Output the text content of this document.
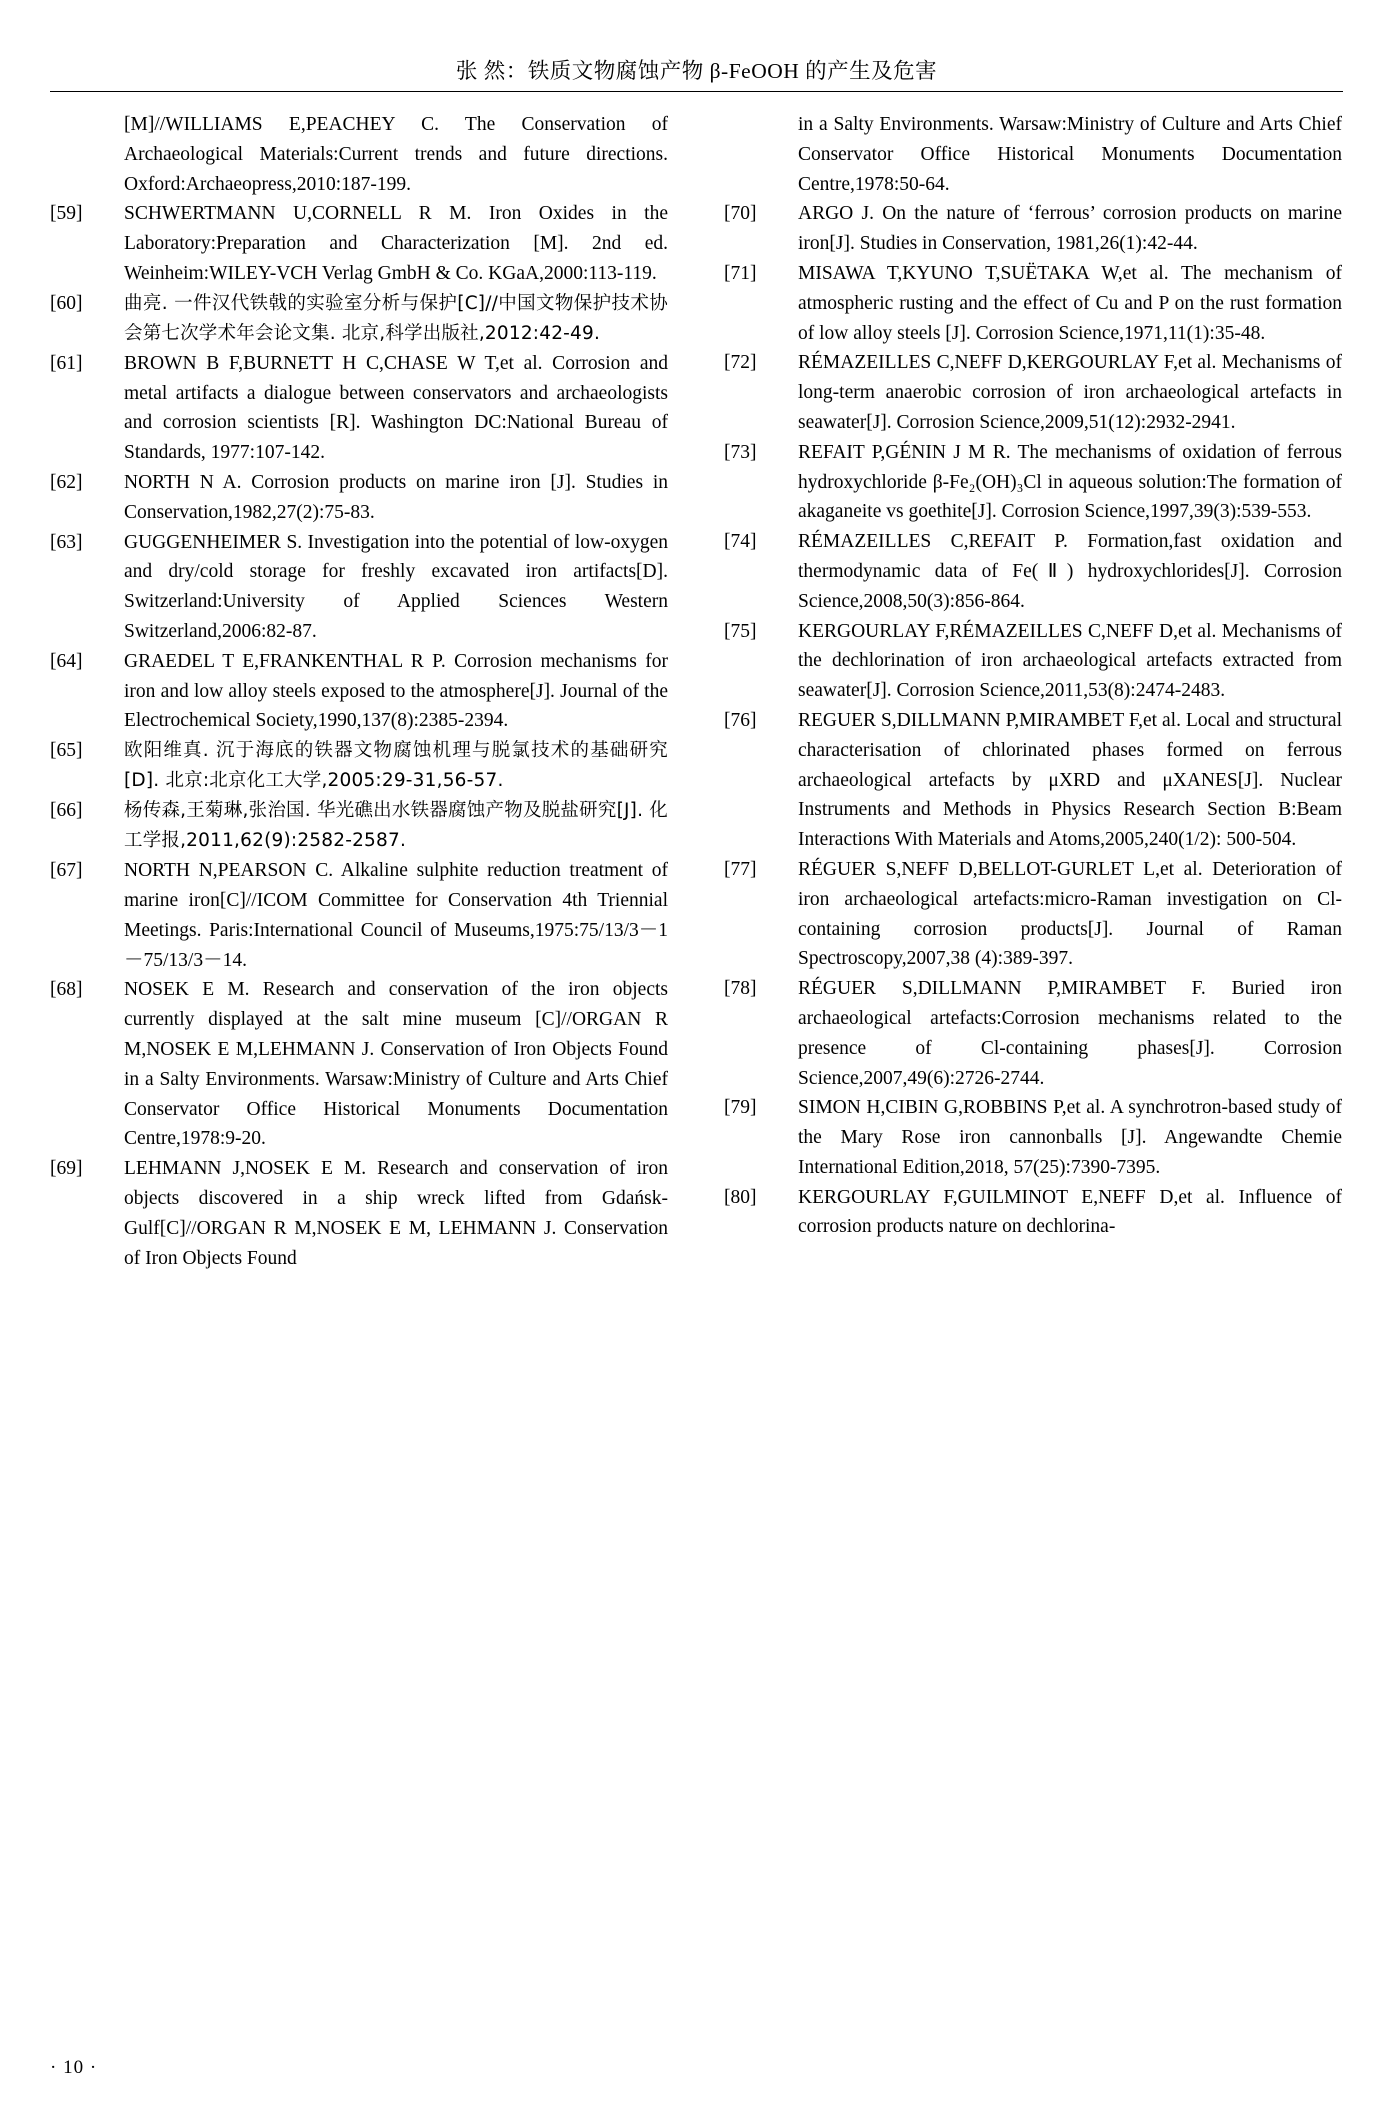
张 然：铁质文物腐蚀产物 β-FeOOH 的产生及危害
[M]//WILLIAMS E,PEACHEY C. The Conservation of Archaeological Materials:Current trends and future directions. Oxford:Archaeopress,2010:187-199.
[59]	SCHWERTMANN U,CORNELL R M. Iron Oxides in the Laboratory:Preparation and Characterization [M]. 2nd ed. Weinheim:WILEY-VCH Verlag GmbH & Co. KGaA,2000:113-119.
[60]	曲亮. 一件汉代铁戟的实验室分析与保护[C]//中国文物保护技术协会第七次学术年会论文集. 北京,科学出版社,2012:42-49.
[61]	BROWN B F,BURNETT H C,CHASE W T,et al. Corrosion and metal artifacts a dialogue between conservators and archaeologists and corrosion scientists [R]. Washington DC:National Bureau of Standards, 1977:107-142.
[62]	NORTH N A. Corrosion products on marine iron [J]. Studies in Conservation,1982,27(2):75-83.
[63]	GUGGENHEIMER S. Investigation into the potential of low-oxygen and dry/cold storage for freshly excavated iron artifacts[D]. Switzerland:University of Applied Sciences Western Switzerland,2006:82-87.
[64]	GRAEDEL T E,FRANKENTHAL R P. Corrosion mechanisms for iron and low alloy steels exposed to the atmosphere[J]. Journal of the Electrochemical Society,1990,137(8):2385-2394.
[65]	欧阳维真. 沉于海底的铁器文物腐蚀机理与脱氯技术的基础研究[D]. 北京:北京化工大学,2005:29-31,56-57.
[66]	杨传森,王菊琳,张治国. 华光礁出水铁器腐蚀产物及脱盐研究[J]. 化工学报,2011,62(9):2582-2587.
[67]	NORTH N,PEARSON C. Alkaline sulphite reduction treatment of marine iron[C]//ICOM Committee for Conservation 4th Triennial Meetings. Paris:International Council of Museums,1975:75/13/3－1－75/13/3－14.
[68]	NOSEK E M. Research and conservation of the iron objects currently displayed at the salt mine museum [C]//ORGAN R M,NOSEK E M,LEHMANN J. Conservation of Iron Objects Found in a Salty Environments. Warsaw:Ministry of Culture and Arts Chief Conservator Office Historical Monuments Documentation Centre,1978:9-20.
[69]	LEHMANN J,NOSEK E M. Research and conservation of iron objects discovered in a ship wreck lifted from Gdańsk-Gulf[C]//ORGAN R M,NOSEK E M, LEHMANN J. Conservation of Iron Objects Found
in a Salty Environments. Warsaw:Ministry of Culture and Arts Chief Conservator Office Historical Monuments Documentation Centre,1978:50-64.
[70]	ARGO J. On the nature of ‘ferrous’ corrosion products on marine iron[J]. Studies in Conservation, 1981,26(1):42-44.
[71]	MISAWA T,KYUNO T,SUËTAKA W,et al. The mechanism of atmospheric rusting and the effect of Cu and P on the rust formation of low alloy steels [J]. Corrosion Science,1971,11(1):35-48.
[72]	RÉMAZEILLES C,NEFF D,KERGOURLAY F,et al. Mechanisms of long-term anaerobic corrosion of iron archaeological artefacts in seawater[J]. Corrosion Science,2009,51(12):2932-2941.
[73]	REFAIT P,GÉNIN J M R. The mechanisms of oxidation of ferrous hydroxychloride β-Fe₂(OH)₃Cl in aqueous solution:The formation of akaganeite vs goethite[J]. Corrosion Science,1997,39(3):539-553.
[74]	RÉMAZEILLES C,REFAIT P. Formation,fast oxidation and thermodynamic data of Fe(Ⅱ) hydroxychlorides[J]. Corrosion Science,2008,50(3):856-864.
[75]	KERGOURLAY F,RÉMAZEILLES C,NEFF D,et al. Mechanisms of the dechlorination of iron archaeological artefacts extracted from seawater[J]. Corrosion Science,2011,53(8):2474-2483.
[76]	REGUER S,DILLMANN P,MIRAMBET F,et al. Local and structural characterisation of chlorinated phases formed on ferrous archaeological artefacts by μXRD and μXANES[J]. Nuclear Instruments and Methods in Physics Research Section B:Beam Interactions With Materials and Atoms,2005,240(1/2): 500-504.
[77]	RÉGUER S,NEFF D,BELLOT-GURLET L,et al. Deterioration of iron archaeological artefacts:micro-Raman investigation on Cl-containing corrosion products[J]. Journal of Raman Spectroscopy,2007,38 (4):389-397.
[78]	RÉGUER S,DILLMANN P,MIRAMBET F. Buried iron archaeological artefacts:Corrosion mechanisms related to the presence of Cl-containing phases[J]. Corrosion Science,2007,49(6):2726-2744.
[79]	SIMON H,CIBIN G,ROBBINS P,et al. A synchrotron-based study of the Mary Rose iron cannonballs [J]. Angewandte Chemie International Edition,2018, 57(25):7390-7395.
[80]	KERGOURLAY F,GUILMINOT E,NEFF D,et al. Influence of corrosion products nature on dechlorina-
· 10 ·
